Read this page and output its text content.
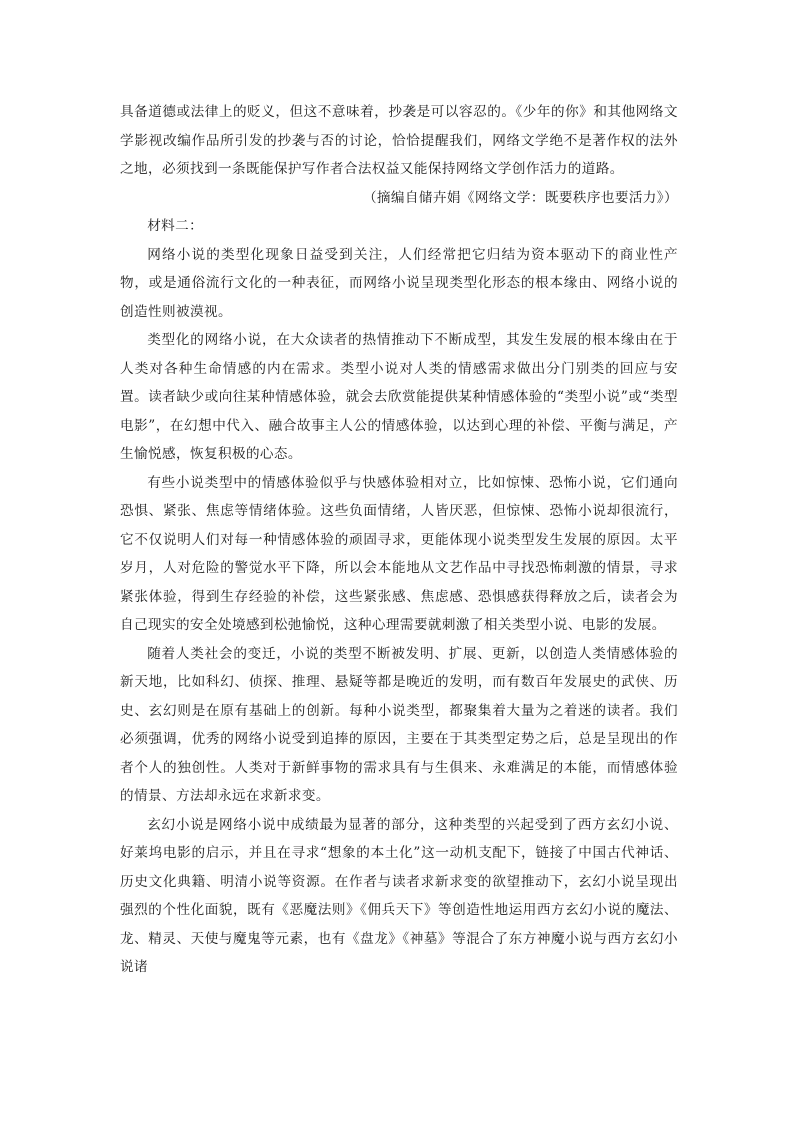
具备道德或法律上的贬义，但这不意味着，抄袭是可以容忍的。《少年的你》和其他网络文学影视改编作品所引发的抄袭与否的讨论，恰恰提醒我们，网络文学绝不是著作权的法外之地，必须找到一条既能保护写作者合法权益又能保持网络文学创作活力的道路。

（摘编自储卉娟《网络文学：既要秩序也要活力》）

材料二：

网络小说的类型化现象日益受到关注，人们经常把它归结为资本驱动下的商业性产物，或是通俗流行文化的一种表征，而网络小说呈现类型化形态的根本缘由、网络小说的创造性则被漠视。

类型化的网络小说，在大众读者的热情推动下不断成型，其发生发展的根本缘由在于人类对各种生命情感的内在需求。类型小说对人类的情感需求做出分门别类的回应与安置。读者缺少或向往某种情感体验，就会去欣赏能提供某种情感体验的“类型小说”或“类型电影”，在幻想中代入、融合故事主人公的情感体验，以达到心理的补偿、平衡与满足，产生愉悦感，恢复积极的心态。

有些小说类型中的情感体验似乎与快感体验相对立，比如惊悚、恐怖小说，它们通向恐惧、紧张、焦虑等情绪体验。这些负面情绪，人皆厌恶，但惊悚、恐怖小说却很流行，它不仅说明人们对每一种情感体验的顽固寻求，更能体现小说类型发生发展的原因。太平岁月，人对危险的警觉水平下降，所以会本能地从文艺作品中寻找恐怖刺激的情景，寻求紧张体验，得到生存经验的补偿，这些紧张感、焦虑感、恐惧感获得释放之后，读者会为自己现实的安全处境感到松弛愉悦，这种心理需要就刺激了相关类型小说、电影的发展。

随着人类社会的变迁，小说的类型不断被发明、扩展、更新，以创造人类情感体验的新天地，比如科幻、侦探、推理、悬疑等都是晚近的发明，而有数百年发展史的武侠、历史、玄幻则是在原有基础上的创新。每种小说类型，都聚集着大量为之着迷的读者。我们必须强调，优秀的网络小说受到追捧的原因，主要在于其类型定势之后，总是呈现出的作者个人的独创性。人类对于新鲜事物的需求具有与生俱来、永难满足的本能，而情感体验的情景、方法却永远在求新求变。

玄幻小说是网络小说中成绩最为显著的部分，这种类型的兴起受到了西方玄幻小说、好莱坞电影的启示，并且在寻求“想象的本土化”这一动机支配下，链接了中国古代神话、历史文化典籍、明清小说等资源。在作者与读者求新求变的欲望推动下，玄幻小说呈现出强烈的个性化面貌，既有《恶魔法则》《佣兵天下》等创造性地运用西方玄幻小说的魔法、龙、精灵、天使与魔鬼等元素，也有《盘龙》《神墓》等混合了东方神魔小说与西方玄幻小说诸
